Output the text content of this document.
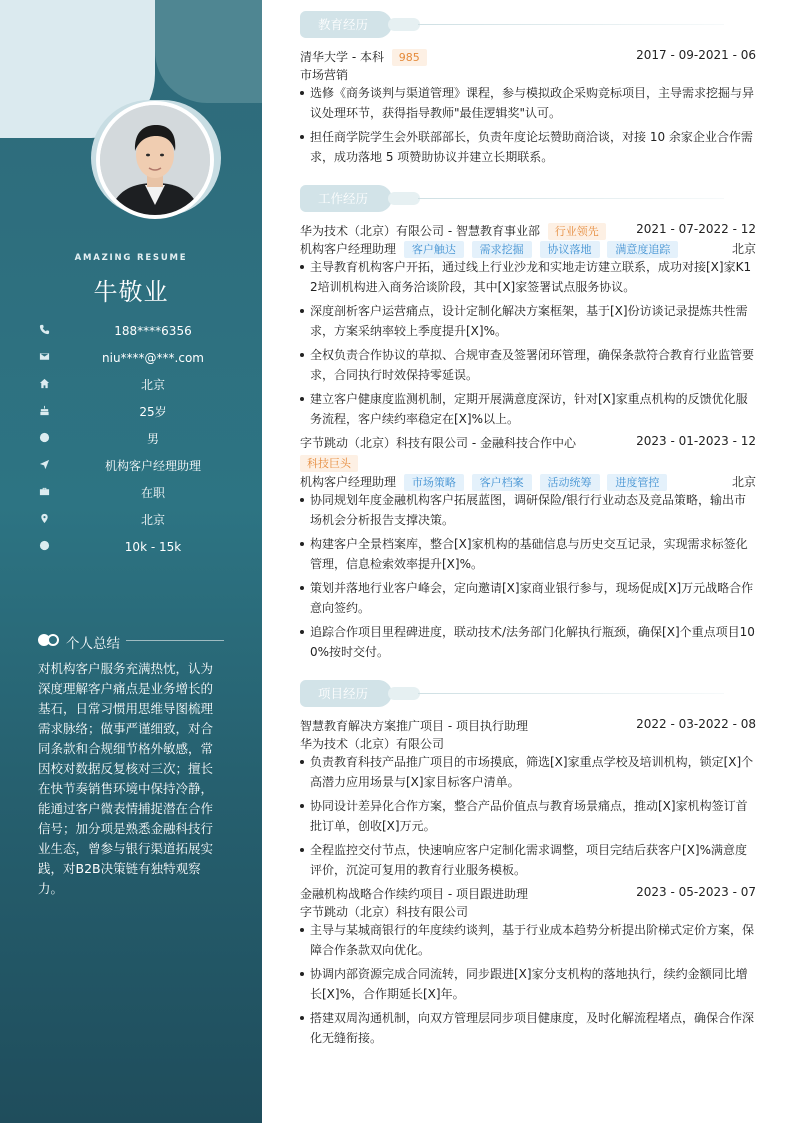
AMAZING RESUME
牛敬业
188****6356
niu****@***.com
北京
25岁
男
机构客户经理助理
在职
北京
10k - 15k
个人总结
对机构客户服务充满热忱，认为深度理解客户痛点是业务增长的基石，日常习惯用思维导图梳理需求脉络；做事严谨细致，对合同条款和合规细节格外敏感，常因校对数据反复核对三次；擅长在快节奏销售环境中保持冷静，能通过客户微表情捕捉潜在合作信号；加分项是熟悉金融科技行业生态，曾参与银行渠道拓展实践，对B2B决策链有独特观察力。
教育经历
清华大学 - 本科 985	2017 - 09-2021 - 06
市场营销
选修《商务谈判与渠道管理》课程，参与模拟政企采购竞标项目，主导需求挖掘与异议处理环节，获得指导教师"最佳逻辑奖"认可。
担任商学院学生会外联部部长，负责年度论坛赞助商洽谈，对接 10 余家企业合作需求，成功落地 5 项赞助协议并建立长期联系。
工作经历
华为技术（北京）有限公司 - 智慧教育事业部 行业领先	2021 - 07-2022 - 12
机构客户经理助理 客户触达 需求挖掘 协议落地 满意度追踪	北京
主导教育机构客户开拓，通过线上行业沙龙和实地走访建立联系，成功对接[X]家K12培训机构进入商务洽谈阶段，其中[X]家签署试点服务协议。
深度剖析客户运营痛点，设计定制化解决方案框架，基于[X]份访谈记录提炼共性需求，方案采纳率较上季度提升[X]%。
全权负责合作协议的草拟、合规审查及签署闭环管理，确保条款符合教育行业监管要求，合同执行时效保持零延误。
建立客户健康度监测机制，定期开展满意度深访，针对[X]家重点机构的反馈优化服务流程，客户续约率稳定在[X]%以上。
字节跳动（北京）科技有限公司 - 金融科技合作中心	2023 - 01-2023 - 12
科技巨头
机构客户经理助理 市场策略 客户档案 活动统筹 进度管控	北京
协同规划年度金融机构客户拓展蓝图，调研保险/银行行业动态及竞品策略，输出市场机会分析报告支撑决策。
构建客户全景档案库，整合[X]家机构的基础信息与历史交互记录，实现需求标签化管理，信息检索效率提升[X]%。
策划并落地行业客户峰会，定向邀请[X]家商业银行参与，现场促成[X]万元战略合作意向签约。
追踪合作项目里程碑进度，联动技术/法务部门化解执行瓶颈，确保[X]个重点项目100%按时交付。
项目经历
智慧教育解决方案推广项目 - 项目执行助理	2022 - 03-2022 - 08
华为技术（北京）有限公司
负责教育科技产品推广项目的市场摸底，筛选[X]家重点学校及培训机构，锁定[X]个高潜力应用场景与[X]家目标客户清单。
协同设计差异化合作方案，整合产品价值点与教育场景痛点，推动[X]家机构签订首批订单，创收[X]万元。
全程监控交付节点，快速响应客户定制化需求调整，项目完结后获客户[X]%满意度评价，沉淀可复用的教育行业服务模板。
金融机构战略合作续约项目 - 项目跟进助理	2023 - 05-2023 - 07
字节跳动（北京）科技有限公司
主导与某城商银行的年度续约谈判，基于行业成本趋势分析提出阶梯式定价方案，保障合作条款双向优化。
协调内部资源完成合同流转，同步跟进[X]家分支机构的落地执行，续约金额同比增长[X]%，合作期延长[X]年。
搭建双周沟通机制，向双方管理层同步项目健康度，及时化解流程堵点，确保合作深化无缝衔接。
